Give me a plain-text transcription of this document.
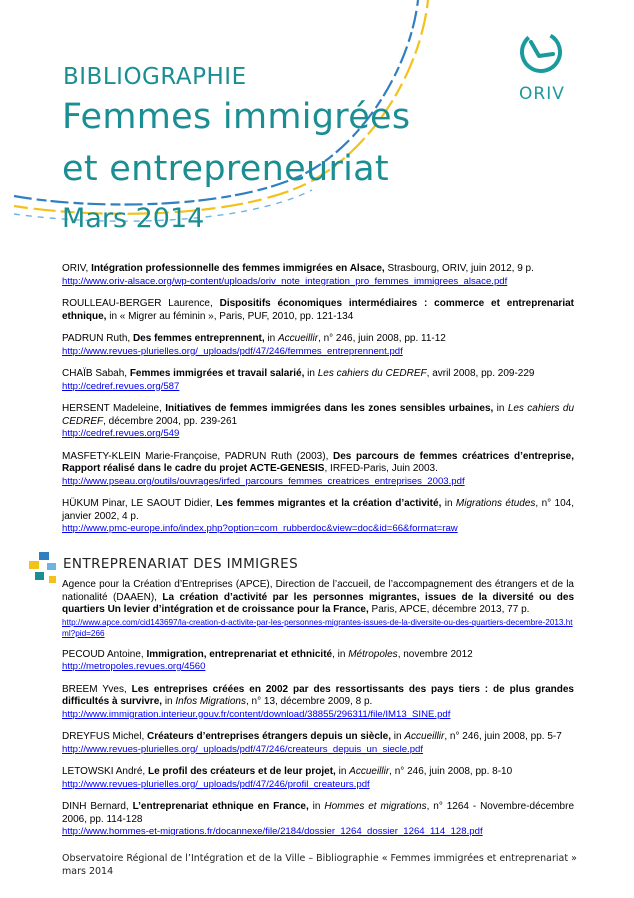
ORIV
BIBLIOGRAPHIE
Femmes immigrées
et entrepreneuriat
Mars 2014
ORIV, Intégration professionnelle des femmes immigrées en Alsace, Strasbourg, ORIV, juin 2012, 9 p.
http://www.oriv-alsace.org/wp-content/uploads/oriv_note_integration_pro_femmes_immigrees_alsace.pdf
ROULLEAU-BERGER Laurence, Dispositifs économiques intermédiaires : commerce et entreprenariat ethnique, in « Migrer au féminin », Paris, PUF, 2010, pp. 121-134
PADRUN Ruth, Des femmes entreprennent, in Accueillir, n° 246, juin 2008, pp. 11-12
http://www.revues-plurielles.org/_uploads/pdf/47/246/femmes_entreprennent.pdf
CHAÏB Sabah, Femmes immigrées et travail salarié, in Les cahiers du CEDREF, avril 2008, pp. 209-229
http://cedref.revues.org/587
HERSENT Madeleine, Initiatives de femmes immigrées dans les zones sensibles urbaines, in Les cahiers du CEDREF, décembre 2004, pp. 239-261
http://cedref.revues.org/549
MASFETY-KLEIN Marie-Françoise, PADRUN Ruth (2003), Des parcours de femmes créatrices d’entreprise, Rapport réalisé dans le cadre du projet ACTE-GENESIS, IRFED-Paris, Juin 2003.
http://www.pseau.org/outils/ouvrages/irfed_parcours_femmes_creatrices_entreprises_2003.pdf
HÜKUM Pinar, LE SAOUT Didier, Les femmes migrantes et la création d’activité, in Migrations études, n° 104, janvier 2002, 4 p.
http://www.pmc-europe.info/index.php?option=com_rubberdoc&view=doc&id=66&format=raw
ENTREPRENARIAT DES IMMIGRES
Agence pour la Création d’Entreprises (APCE), Direction de l’accueil, de l’accompagnement des étrangers et de la nationalité (DAAEN), La création d’activité par les personnes migrantes, issues de la diversité ou des quartiers Un levier d’intégration et de croissance pour la France, Paris, APCE, décembre 2013, 77 p.
http://www.apce.com/cid143697/la-creation-d-activite-par-les-personnes-migrantes-issues-de-la-diversite-ou-des-quartiers-decembre-2013.html?pid=266
PECOUD Antoine, Immigration, entreprenariat et ethnicité, in Métropoles, novembre 2012
http://metropoles.revues.org/4560
BREEM Yves, Les entreprises créées en 2002 par des ressortissants des pays tiers : de plus grandes difficultés à survivre, in Infos Migrations, n° 13, décembre 2009, 8 p.
http://www.immigration.interieur.gouv.fr/content/download/38855/296311/file/IM13_SINE.pdf
DREYFUS Michel, Créateurs d’entreprises étrangers depuis un siècle, in Accueillir, n° 246, juin 2008, pp. 5-7
http://www.revues-plurielles.org/_uploads/pdf/47/246/createurs_depuis_un_siecle.pdf
LETOWSKI André, Le profil des créateurs et de leur projet, in Accueillir, n° 246, juin 2008, pp. 8-10
http://www.revues-plurielles.org/_uploads/pdf/47/246/profil_createurs.pdf
DINH Bernard, L’entreprenariat ethnique en France, in Hommes et migrations, n° 1264 - Novembre-décembre 2006, pp. 114-128
http://www.hommes-et-migrations.fr/docannexe/file/2184/dossier_1264_dossier_1264_114_128.pdf
Observatoire Régional de l’Intégration et de la Ville – Bibliographie « Femmes immigrées et entreprenariat »
mars 2014
